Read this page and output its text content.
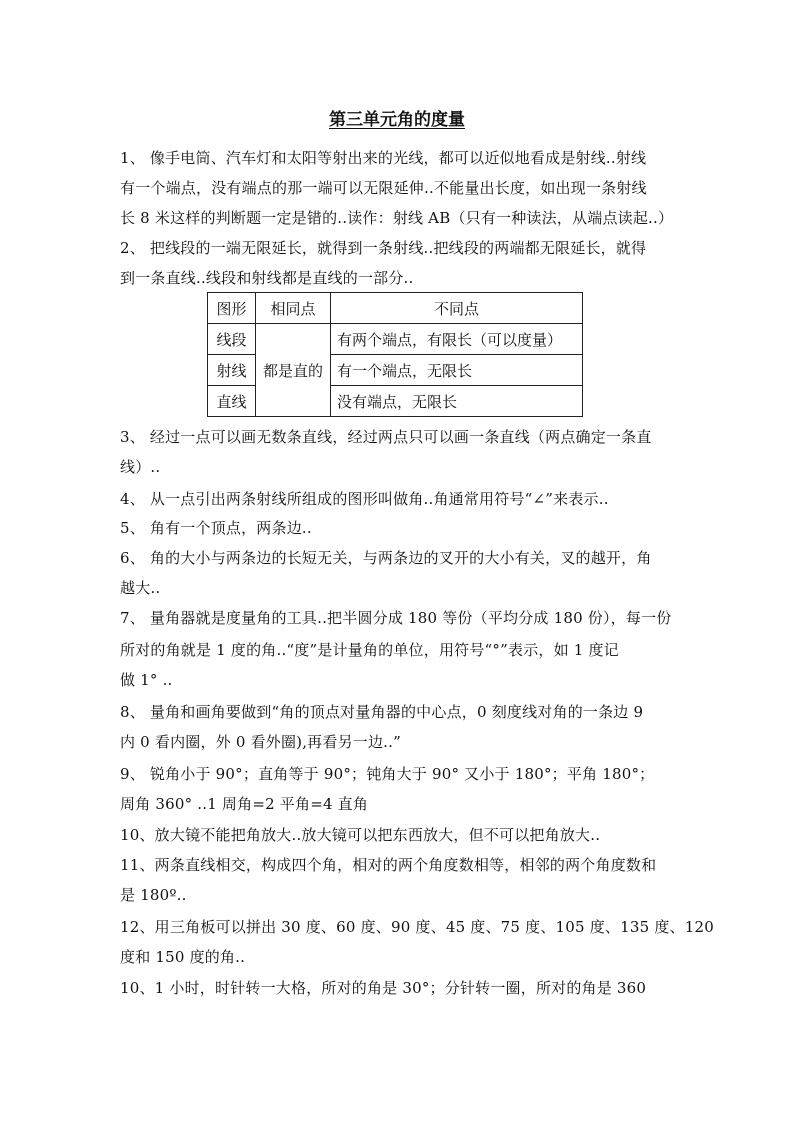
第三单元角的度量
1、 像手电筒、汽车灯和太阳等射出来的光线，都可以近似地看成是射线..射线
有一个端点，没有端点的那一端可以无限延伸..不能量出长度，如出现一条射线
长 8 米这样的判断题一定是错的..读作：射线 AB（只有一种读法，从端点读起..）
2、 把线段的一端无限延长，就得到一条射线..把线段的两端都无限延长，就得
到一条直线..线段和射线都是直线的一部分..
图形	相同点	不同点
线段	都是直的	有两个端点，有限长（可以度量）
射线		有一个端点，无限长
直线		没有端点，无限长
3、 经过一点可以画无数条直线，经过两点只可以画一条直线（两点确定一条直
线）..
4、 从一点引出两条射线所组成的图形叫做角..角通常用符号“∠”来表示..
5、 角有一个顶点，两条边..
6、 角的大小与两条边的长短无关，与两条边的叉开的大小有关，叉的越开，角
越大..
7、 量角器就是度量角的工具..把半圆分成 180 等份（平均分成 180 份），每一份
所对的角就是 1 度的角..“度”是计量角的单位，用符号“°”表示，如 1 度记
做 1° ..
8、 量角和画角要做到“角的顶点对量角器的中心点，0 刻度线对角的一条边 9
内 0 看内圈，外 0 看外圈),再看另一边..”
9、 锐角小于 90°；直角等于 90°；钝角大于 90° 又小于 180°；平角 180°；
周角 360° ..1 周角=2 平角=4 直角
10、放大镜不能把角放大..放大镜可以把东西放大，但不可以把角放大..
11、两条直线相交，构成四个角，相对的两个角度数相等，相邻的两个角度数和
是 180º..
12、用三角板可以拼出 30 度、60 度、90 度、45 度、75 度、105 度、135 度、120
度和 150 度的角..
10、1 小时，时针转一大格，所对的角是 30°；分针转一圈，所对的角是 360
